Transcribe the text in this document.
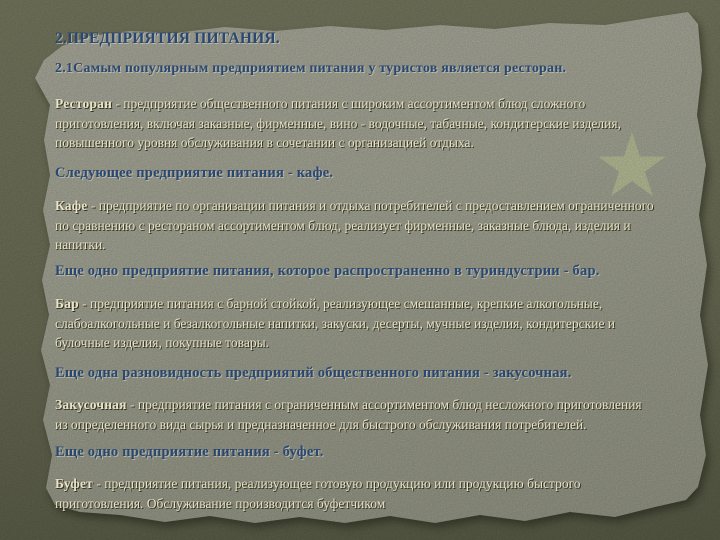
2.ПРЕДПРИЯТИЯ ПИТАНИЯ.
2.1Самым популярным предприятием питания у туристов является ресторан.

Ресторан - предприятие общественного питания с широким ассортиментом блюд сложного приготовления, включая заказные, фирменные, вино - водочные, табачные, кондитерские изделия, повышенного уровня обслуживания в сочетании с организацией отдыха.

Следующее предприятие питания - кафе.

Кафе - предприятие по организации питания и отдыха потребителей с предоставлением ограниченного по сравнению с рестораном ассортиментом блюд, реализует фирменные, заказные блюда, изделия и напитки.

Еще одно предприятие питания, которое распространенно в туриндустрии - бар.

Бар - предприятие питания с барной стойкой, реализующее смешанные, крепкие алкогольные, слабоалкогольные и безалкогольные напитки, закуски, десерты, мучные изделия, кондитерские и булочные изделия, покупные товары.

Еще одна разновидность предприятий общественного питания - закусочная.

Закусочная - предприятие питания с ограниченным ассортиментом блюд несложного приготовления из определенного вида сырья и предназначенное для быстрого обслуживания потребителей.

Еще одно предприятие питания - буфет.

Буфет - предприятие питания, реализующее готовую продукцию или продукцию быстрого приготовления. Обслуживание производится буфетчиком
